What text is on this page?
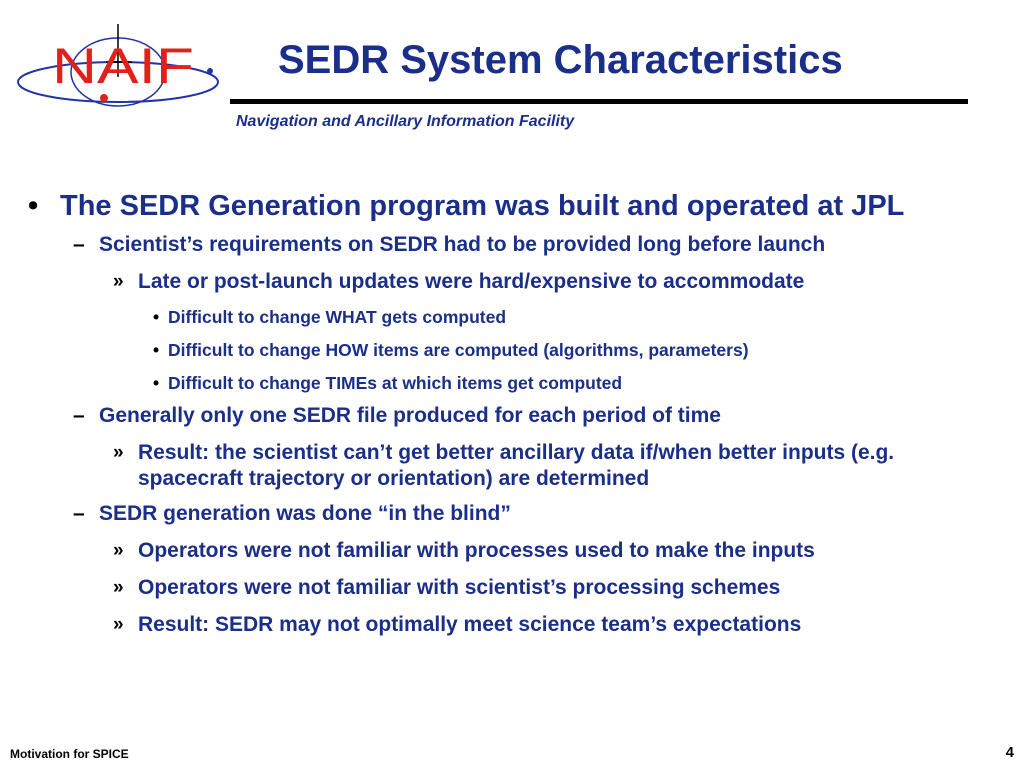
NAIF SEDR System Characteristics
Navigation and Ancillary Information Facility
• The SEDR Generation program was built and operated at JPL
– Scientist’s requirements on SEDR had to be provided long before launch
» Late or post-launch updates were hard/expensive to accommodate
• Difficult to change WHAT gets computed
• Difficult to change HOW items are computed (algorithms, parameters)
• Difficult to change TIMEs at which items get computed
– Generally only one SEDR file produced for each period of time
» Result: the scientist can’t get better ancillary data if/when better inputs (e.g. spacecraft trajectory or orientation) are determined
– SEDR generation was done “in the blind”
» Operators were not familiar with processes used to make the inputs
» Operators were not familiar with scientist’s processing schemes
» Result: SEDR may not optimally meet science team’s expectations
Motivation for SPICE	4
